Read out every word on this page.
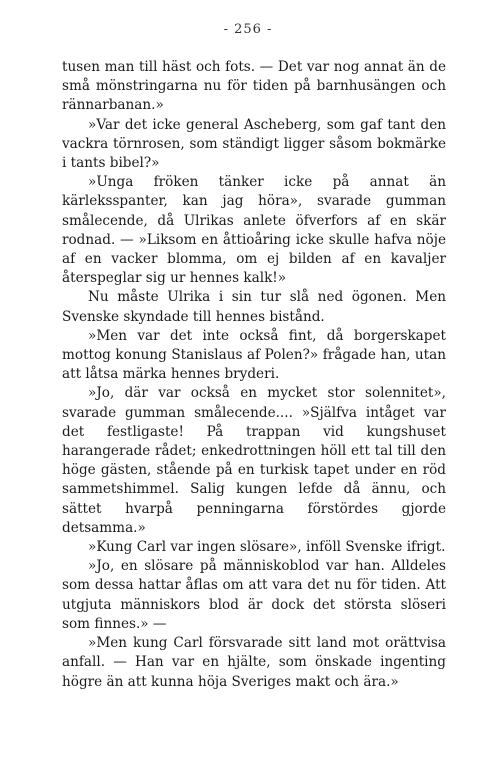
- 256 -

tusen man till häst och fots. — Det var nog annat än de små mönstringarna nu för tiden på barnhusängen och rännarbanan.»

»Var det icke general Ascheberg, som gaf tant den vackra törnrosen, som ständigt ligger såsom bokmärke i tants bibel?»

»Unga fröken tänker icke på annat än kärleksspanter, kan jag höra», svarade gumman smålecende, då Ulrikas anlete öfverfors af en skär rodnad. — »Liksom en åttioåring icke skulle hafva nöje af en vacker blomma, om ej bilden af en kavaljer återspeglar sig ur hennes kalk!»

Nu måste Ulrika i sin tur slå ned ögonen. Men Svenske skyndade till hennes bistånd.

»Men var det inte också fint, då borgerskapet mottog konung Stanislaus af Polen?» frågade han, utan att låtsa märka hennes bryderi.

»Jo, där var också en mycket stor solennitet», svarade gumman smålecende.... »Själfva intåget var det festligaste! På trappan vid kungshuset harangerade rådet; enkedrottningen höll ett tal till den höge gästen, stående på en turkisk tapet under en röd sammetshimmel. Salig kungen lefde då ännu, och sättet hvarpå penningarna förstördes gjorde detsamma.»

»Kung Carl var ingen slösare», inföll Svenske ifrigt.

»Jo, en slösare på människoblod var han. Alldeles som dessa hattar åflas om att vara det nu för tiden. Att utgjuta människors blod är dock det största slöseri som finnes.» —

»Men kung Carl försvarade sitt land mot orättvisa anfall. — Han var en hjälte, som önskade ingenting högre än att kunna höja Sveriges makt och ära.»
